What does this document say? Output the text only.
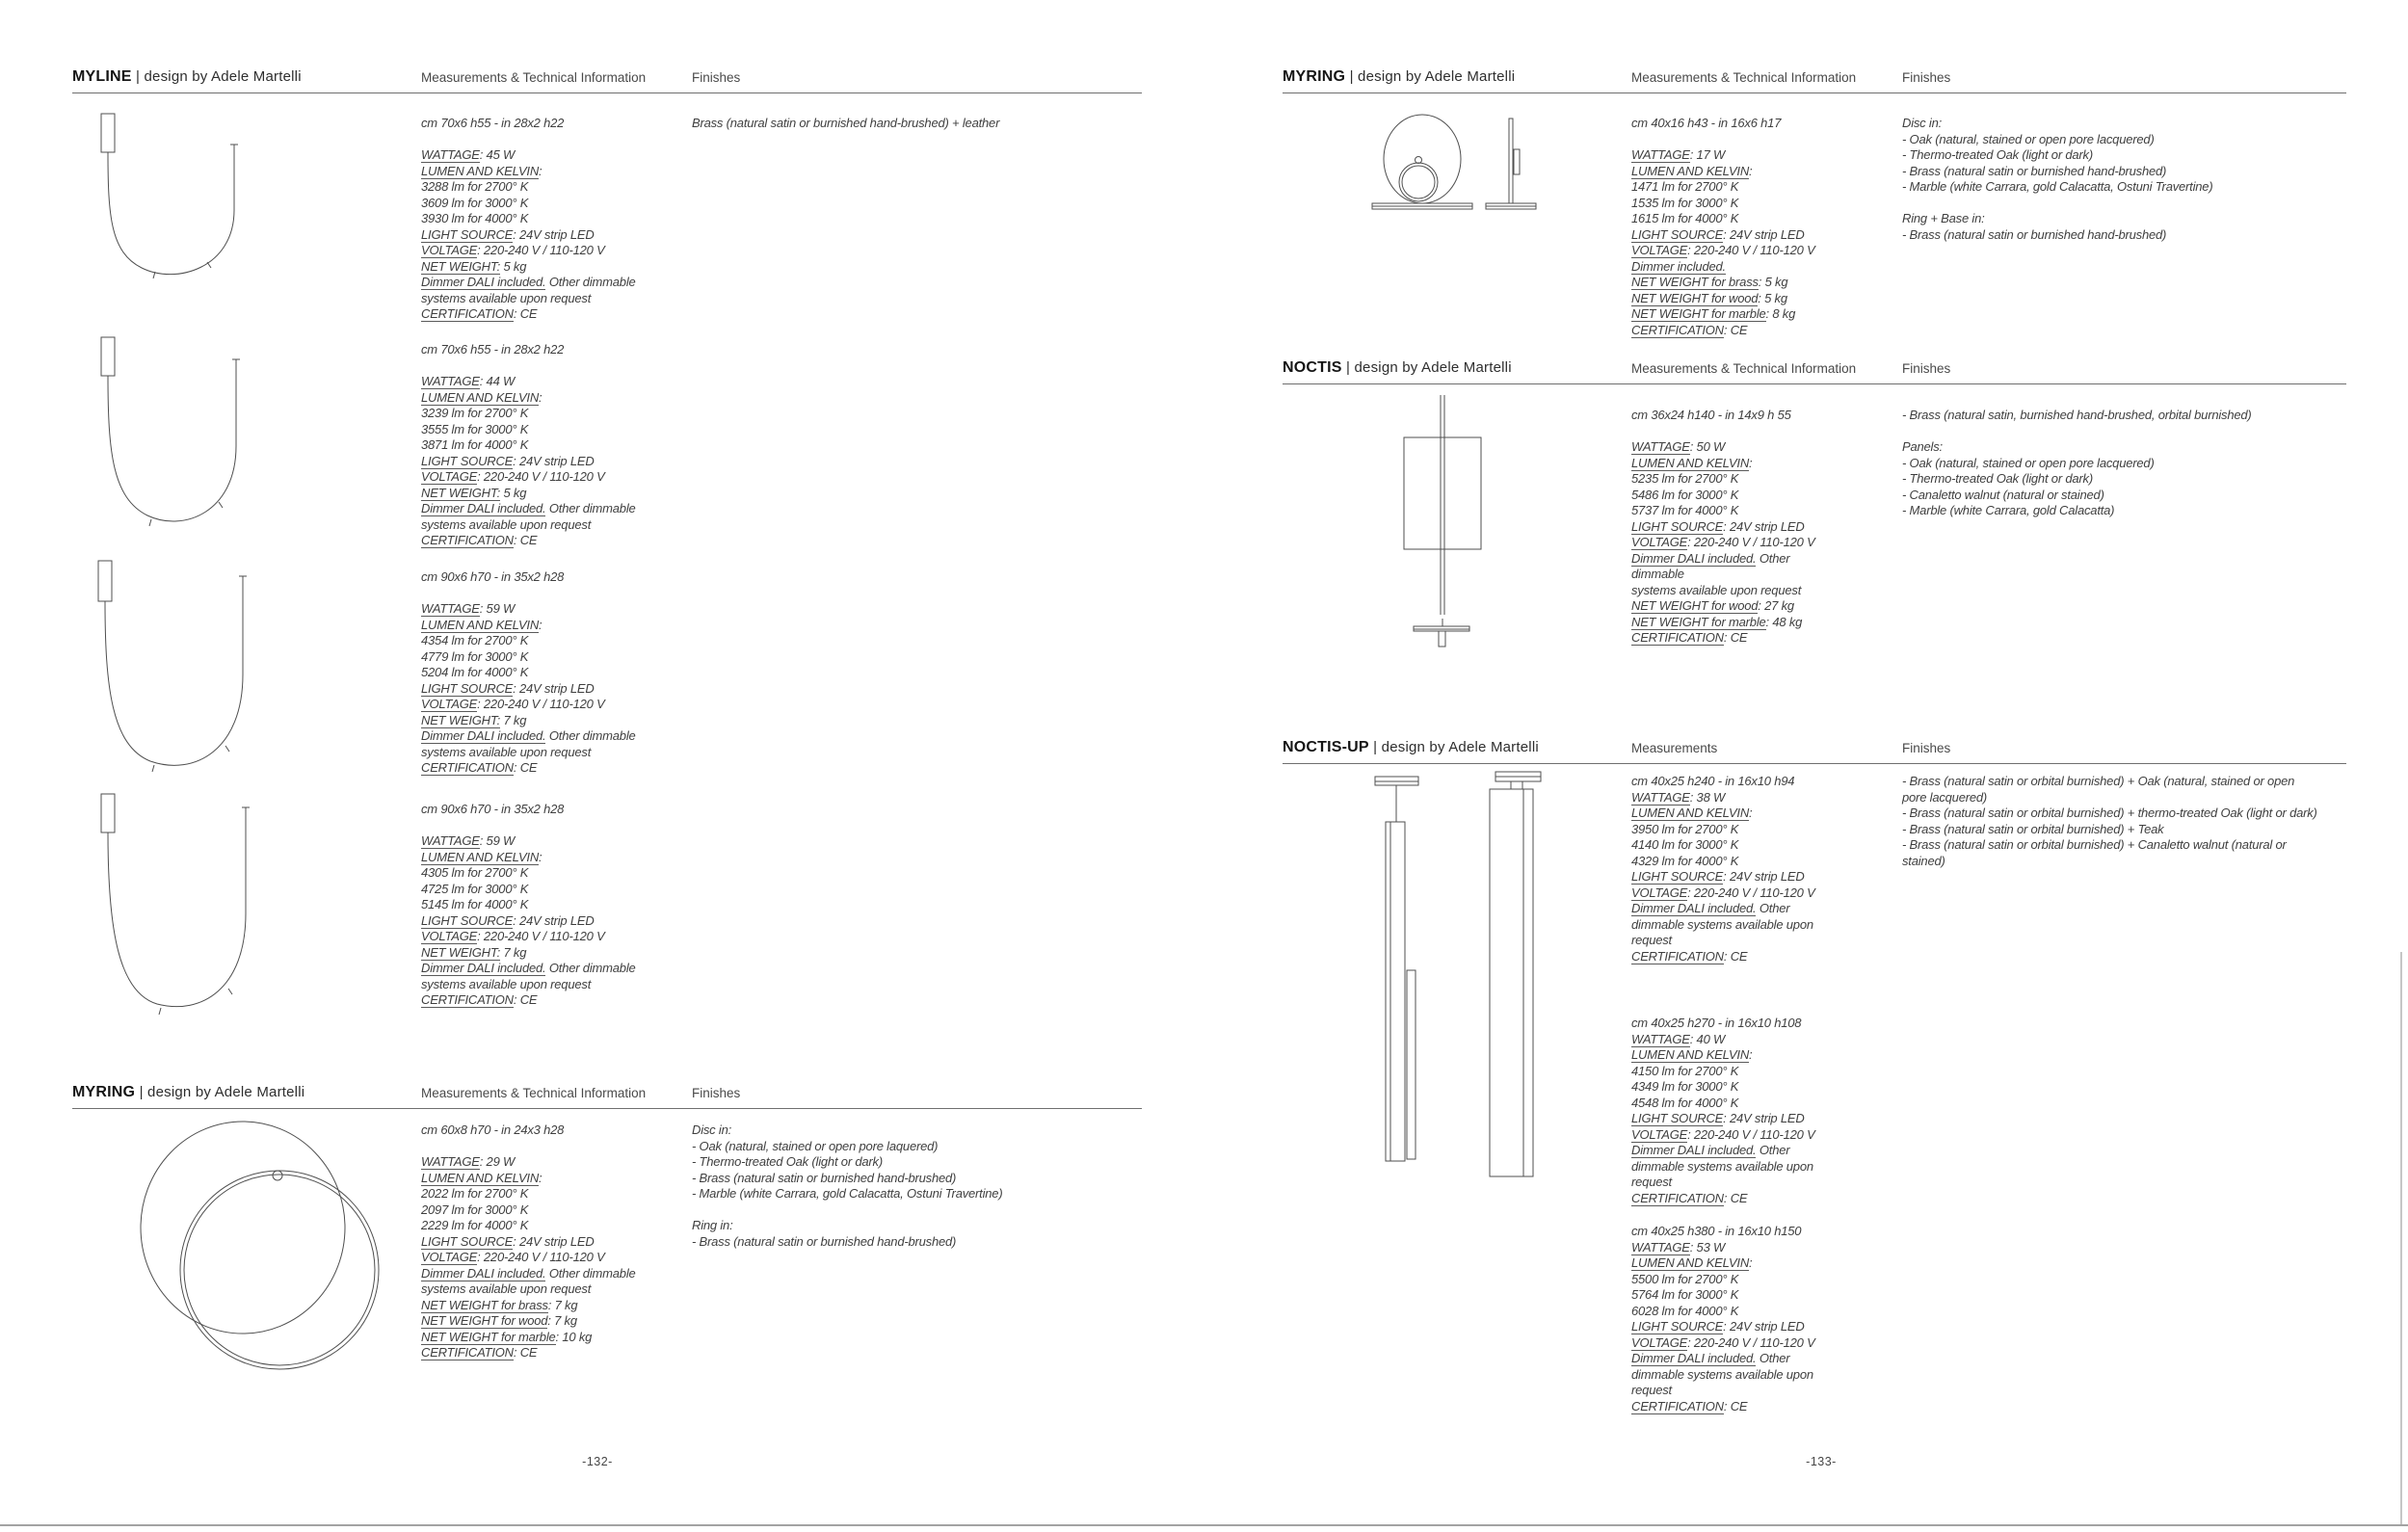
MYLINE | design by Adele Martelli	Measurements & Technical Information	Finishes
cm 70x6 h55 - in 28x2 h22
WATTAGE: 45 W
LUMEN AND KELVIN:
3288 lm for 2700° K
3609 lm for 3000° K
3930 lm for 4000° K
LIGHT SOURCE: 24V strip LED
VOLTAGE: 220-240 V / 110-120 V
NET WEIGHT: 5 kg
Dimmer DALI included. Other dimmable
systems available upon request
CERTIFICATION: CE
cm 70x6 h55 - in 28x2 h22
WATTAGE: 44 W
LUMEN AND KELVIN:
3239 lm for 2700° K
3555 lm for 3000° K
3871 lm for 4000° K
LIGHT SOURCE: 24V strip LED
VOLTAGE: 220-240 V / 110-120 V
NET WEIGHT: 5 kg
Dimmer DALI included. Other dimmable
systems available upon request
CERTIFICATION: CE
cm 90x6 h70 - in 35x2 h28
WATTAGE: 59 W
LUMEN AND KELVIN:
4354 lm for 2700° K
4779 lm for 3000° K
5204 lm for 4000° K
LIGHT SOURCE: 24V strip LED
VOLTAGE: 220-240 V / 110-120 V
NET WEIGHT: 7 kg
Dimmer DALI included. Other dimmable
systems available upon request
CERTIFICATION: CE
cm 90x6 h70 - in 35x2 h28
WATTAGE: 59 W
LUMEN AND KELVIN:
4305 lm for 2700° K
4725 lm for 3000° K
5145 lm for 4000° K
LIGHT SOURCE: 24V strip LED
VOLTAGE: 220-240 V / 110-120 V
NET WEIGHT: 7 kg
Dimmer DALI included. Other dimmable
systems available upon request
CERTIFICATION: CE
Brass (natural satin or burnished hand-brushed) + leather
MYRING | design by Adele Martelli	Measurements & Technical Information	Finishes
cm 60x8 h70 - in 24x3 h28
WATTAGE: 29 W
LUMEN AND KELVIN:
2022 lm for 2700° K
2097 lm for 3000° K
2229 lm for 4000° K
LIGHT SOURCE: 24V strip LED
VOLTAGE: 220-240 V / 110-120 V
Dimmer DALI included. Other dimmable
systems available upon request
NET WEIGHT for brass: 7 kg
NET WEIGHT for wood: 7 kg
NET WEIGHT for marble: 10 kg
CERTIFICATION: CE
Disc in:
- Oak (natural, stained or open pore laquered)
- Thermo-treated Oak (light or dark)
- Brass (natural satin or burnished hand-brushed)
- Marble (white Carrara, gold Calacatta, Ostuni Travertine)
Ring in:
- Brass (natural satin or burnished hand-brushed)
-132-
MYRING | design by Adele Martelli	Measurements & Technical Information	Finishes
cm 40x16 h43 - in 16x6 h17
WATTAGE: 17 W
LUMEN AND KELVIN:
1471 lm for 2700° K
1535 lm for 3000° K
1615 lm for 4000° K
LIGHT SOURCE: 24V strip LED
VOLTAGE: 220-240 V / 110-120 V
Dimmer included.
NET WEIGHT for brass: 5 kg
NET WEIGHT for wood: 5 kg
NET WEIGHT for marble: 8 kg
CERTIFICATION: CE
Disc in:
- Oak (natural, stained or open pore lacquered)
- Thermo-treated Oak (light or dark)
- Brass (natural satin or burnished hand-brushed)
- Marble (white Carrara, gold Calacatta, Ostuni Travertine)
Ring + Base in:
- Brass (natural satin or burnished hand-brushed)
NOCTIS | design by Adele Martelli	Measurements & Technical Information	Finishes
cm 36x24 h140 - in 14x9 h 55
WATTAGE: 50 W
LUMEN AND KELVIN:
5235 lm for 2700° K
5486 lm for 3000° K
5737 lm for 4000° K
LIGHT SOURCE: 24V strip LED
VOLTAGE: 220-240 V / 110-120 V
Dimmer DALI included. Other
dimmable
systems available upon request
NET WEIGHT for wood: 27 kg
NET WEIGHT for marble: 48 kg
CERTIFICATION: CE
- Brass (natural satin, burnished hand-brushed, orbital burnished)
Panels:
- Oak (natural, stained or open pore lacquered)
- Thermo-treated Oak (light or dark)
- Canaletto walnut (natural or stained)
- Marble (white Carrara, gold Calacatta)
NOCTIS-UP | design by Adele Martelli	Measurements	Finishes
cm 40x25 h240 - in 16x10 h94
WATTAGE: 38 W
LUMEN AND KELVIN:
3950 lm for 2700° K
4140 lm for 3000° K
4329 lm for 4000° K
LIGHT SOURCE: 24V strip LED
VOLTAGE: 220-240 V / 110-120 V
Dimmer DALI included. Other
dimmable systems available upon
request
CERTIFICATION: CE
cm 40x25 h270 - in 16x10 h108
WATTAGE: 40 W
LUMEN AND KELVIN:
4150 lm for 2700° K
4349 lm for 3000° K
4548 lm for 4000° K
LIGHT SOURCE: 24V strip LED
VOLTAGE: 220-240 V / 110-120 V
Dimmer DALI included. Other
dimmable systems available upon
request
CERTIFICATION: CE
cm 40x25 h380 - in 16x10 h150
WATTAGE: 53 W
LUMEN AND KELVIN:
5500 lm for 2700° K
5764 lm for 3000° K
6028 lm for 4000° K
LIGHT SOURCE: 24V strip LED
VOLTAGE: 220-240 V / 110-120 V
Dimmer DALI included. Other
dimmable systems available upon
request
CERTIFICATION: CE
- Brass (natural satin or orbital burnished) + Oak (natural, stained or open
pore lacquered)
- Brass (natural satin or orbital burnished) + thermo-treated Oak (light or dark)
- Brass (natural satin or orbital burnished) + Teak
- Brass (natural satin or orbital burnished) + Canaletto walnut (natural or
stained)
-133-
